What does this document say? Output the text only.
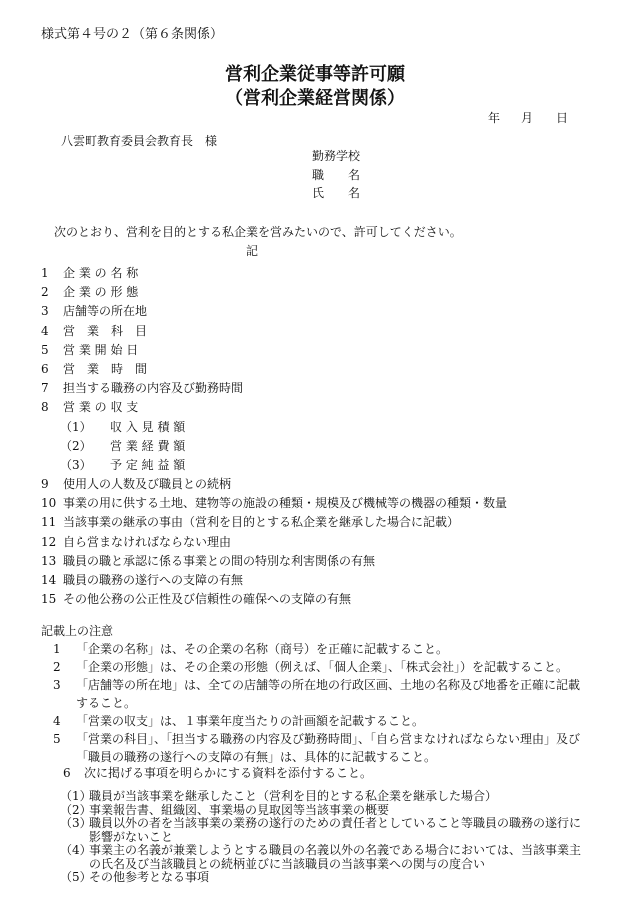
様式第４号の２（第６条関係）
営利企業従事等許可願
（営利企業経営関係）
年 月 日
八雲町教育委員会教育長　様
勤務学校
職　　名
氏　　名
次のとおり、営利を目的とする私企業を営みたいので、許可してください。
記
1	企 業 の 名 称
2	企 業 の 形 態
3	店舗等の所在地
4	営　業　科　目
5	営 業 開 始 日
6	営　業　時　間
7	担当する職務の内容及び勤務時間
8	営 業 の 収 支
（1）	収 入 見 積 額
（2）	営 業 経 費 額
（3）	予 定 純 益 額
9	使用人の人数及び職員との続柄
10 事業の用に供する土地、建物等の施設の種類・規模及び機械等の機器の種類・数量
11 当該事業の継承の事由（営利を目的とする私企業を継承した場合に記載）
12 自ら営まなければならない理由
13 職員の職と承認に係る事業との間の特別な利害関係の有無
14 職員の職務の遂行への支障の有無
15 その他公務の公正性及び信頼性の確保への支障の有無
記載上の注意
1	「企業の名称」は、その企業の名称（商号）を正確に記載すること。
2	「企業の形態」は、その企業の形態（例えば、「個人企業」、「株式会社」）を記載すること。
3	「店舗等の所在地」は、全ての店舗等の所在地の行政区画、土地の名称及び地番を正確に記載すること。
4	「営業の収支」は、１事業年度当たりの計画額を記載すること。
5	「営業の科目」、「担当する職務の内容及び勤務時間」、「自ら営まなければならない理由」及び「職員の職務の遂行への支障の有無」は、具体的に記載すること。
6	次に掲げる事項を明らかにする資料を添付すること。
（1）
職員が当該事業を継承したこと（営利を目的とする私企業を継承した場合）
（2）
事業報告書、組織図、事業場の見取図等当該事業の概要
（3）
職員以外の者を当該事業の業務の遂行のための責任者としていること等職員の職務の遂行に影響がないこと
（4）
事業主の名義が兼業しようとする職員の名義以外の名義である場合においては、当該事業主の氏名及び当該職員との続柄並びに当該職員の当該事業への関与の度合い
（5）
その他参考となる事項
